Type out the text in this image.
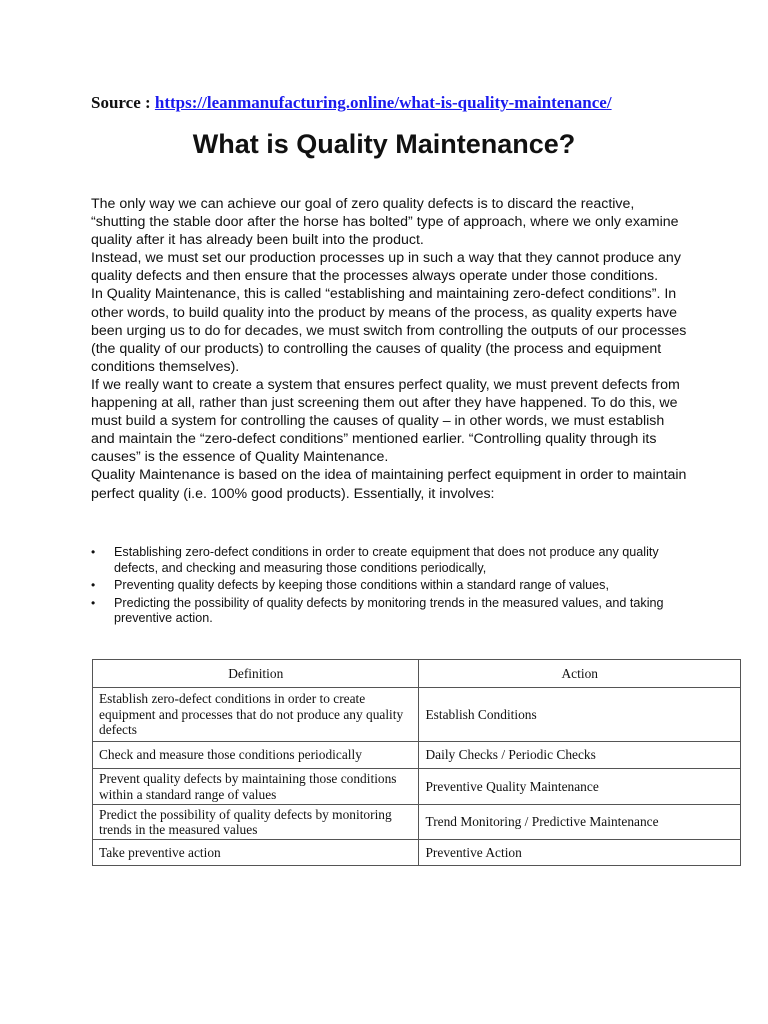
Source : https://leanmanufacturing.online/what-is-quality-maintenance/
What is Quality Maintenance?

The only way we can achieve our goal of zero quality defects is to discard the reactive, “shutting the stable door after the horse has bolted” type of approach, where we only examine quality after it has already been built into the product.

Instead, we must set our production processes up in such a way that they cannot produce any quality defects and then ensure that the processes always operate under those conditions.

In Quality Maintenance, this is called “establishing and maintaining zero-defect conditions”. In other words, to build quality into the product by means of the process, as quality experts have been urging us to do for decades, we must switch from controlling the outputs of our processes (the quality of our products) to controlling the causes of quality (the process and equipment conditions themselves).

If we really want to create a system that ensures perfect quality, we must prevent defects from happening at all, rather than just screening them out after they have happened. To do this, we must build a system for controlling the causes of quality – in other words, we must establish and maintain the “zero-defect conditions” mentioned earlier. “Controlling quality through its causes” is the essence of Quality Maintenance.

Quality Maintenance is based on the idea of maintaining perfect equipment in order to maintain perfect quality (i.e. 100% good products). Essentially, it involves:

• Establishing zero-defect conditions in order to create equipment that does not produce any quality defects, and checking and measuring those conditions periodically,
• Preventing quality defects by keeping those conditions within a standard range of values,
• Predicting the possibility of quality defects by monitoring trends in the measured values, and taking preventive action.
Definition	Action
Establish zero-defect conditions in order to create equipment and processes that do not produce any quality defects	Establish Conditions
Check and measure those conditions periodically	Daily Checks / Periodic Checks
Prevent quality defects by maintaining those conditions within a standard range of values	Preventive Quality Maintenance
Predict the possibility of quality defects by monitoring trends in the measured values	Trend Monitoring / Predictive Maintenance
Take preventive action	Preventive Action
